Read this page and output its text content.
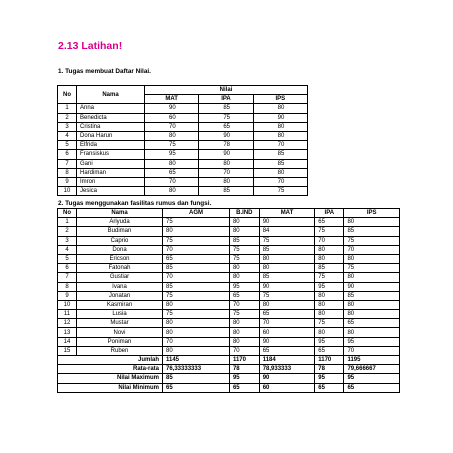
2.13 Latihan!

1. Tugas membuat Daftar Nilai.

No	Nama	Nilai		
		MAT	IPA	IPS
1	Anna	90	85	80
2	Benedicta	60	75	90
3	Cristina	70	65	80
4	Dona Harun	80	90	80
5	Elfrida	75	78	70
6	Fransiskus	95	90	85
7	Gani	80	80	85
8	Hardiman	65	70	80
9	Imron	70	80	70
10	Jesica	80	85	75

2. Tugas menggunakan fasilitas rumus dan fungsi.

No	Nama	AGM	B.IND	MAT	IPA	IPS
1	Ariyuda	75	80	90	65	80
2	Budiman	80	80	84	75	85
3	Caprio	75	85	75	70	75
4	Dona	70	75	85	80	70
5	Ericson	65	75	80	80	80
6	Fatonah	85	80	80	85	75
7	Gustiar	70	80	85	75	80
8	Ivana	85	95	90	95	90
9	Jonatan	75	65	75	80	85
10	Kasmiran	80	70	80	80	80
11	Lusia	75	75	65	80	80
12	Mustar	80	80	70	75	65
13	Novi	80	80	60	80	80
14	Poniman	70	80	90	95	95
15	Ruben	80	70	65	65	70
Jumlah		1145	1170	1184	1170	1195
Rata-rata		76,33333333	78	78,933333	78	79,666667
Nilai Maximum		85	95	90	95	95
Nilai Minimum		65	65	60	65	65
